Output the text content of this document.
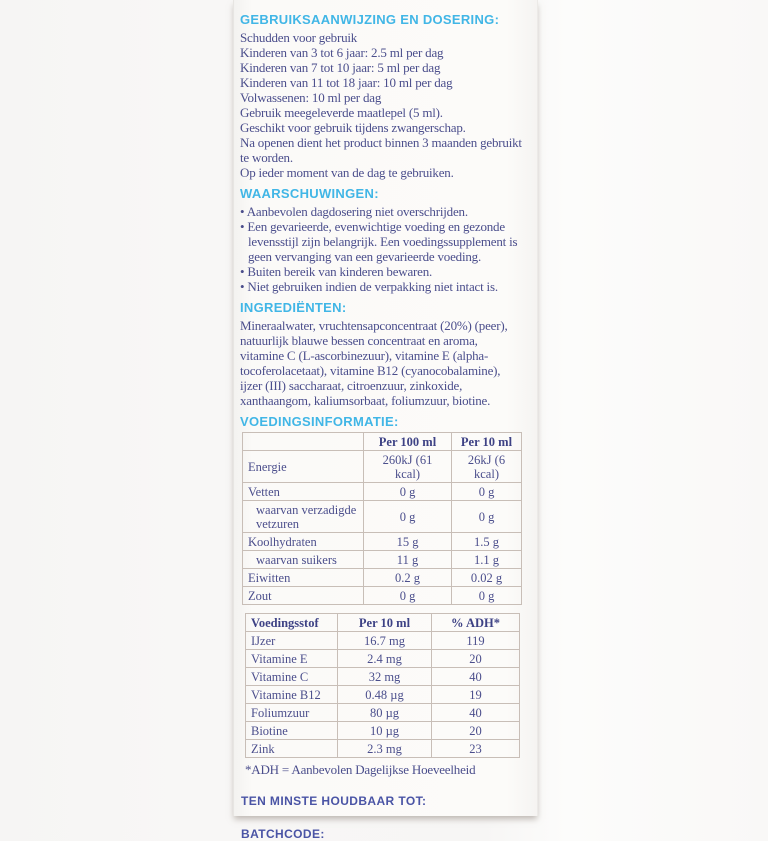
GEBRUIKSAANWIJZING EN DOSERING:

Schudden voor gebruik

Kinderen van 3 tot 6 jaar: 2.5 ml per dag

Kinderen van 7 tot 10 jaar: 5 ml per dag

Kinderen van 11 tot 18 jaar: 10 ml per dag

Volwassenen: 10 ml per dag

Gebruik meegeleverde maatlepel (5 ml).

Geschikt voor gebruik tijdens zwangerschap.

Na openen dient het product binnen 3 maanden gebruikt te worden.

Op ieder moment van de dag te gebruiken.

WAARSCHUWINGEN:

• Aanbevolen dagdosering niet overschrijden.

• Een gevarieerde, evenwichtige voeding en gezonde levensstijl zijn belangrijk. Een voedingssupplement is geen vervanging van een gevarieerde voeding.

• Buiten bereik van kinderen bewaren.

• Niet gebruiken indien de verpakking niet intact is.

INGREDIËNTEN:

Mineraalwater, vruchtensapconcentraat (20%) (peer), natuurlijk blauwe bessen concentraat en aroma, vitamine C (L-ascorbinezuur), vitamine E (alpha-tocoferolacetaat), vitamine B12 (cyanocobalamine), ijzer (III) saccharaat, citroenzuur, zinkoxide, xanthaangom, kaliumsorbaat, foliumzuur, biotine.

VOEDINGSINFORMATIE:
	Per 100 ml	Per 10 ml
Energie	260kJ (61 kcal)	26kJ (6 kcal)
Vetten	0 g	0 g
waarvan verzadigde vetzuren	0 g	0 g
Koolhydraten	15 g	1.5 g
waarvan suikers	11 g	1.1 g
Eiwitten	0.2 g	0.02 g
Zout	0 g	0 g
Voedingsstof	Per 10 ml	% ADH*
IJzer	16.7 mg	119
Vitamine E	2.4 mg	20
Vitamine C	32 mg	40
Vitamine B12	0.48 µg	19
Foliumzuur	80 µg	40
Biotine	10 µg	20
Zink	2.3 mg	23

*ADH = Aanbevolen Dagelijkse Hoeveelheid

TEN MINSTE HOUDBAAR TOT:
BATCHCODE:
